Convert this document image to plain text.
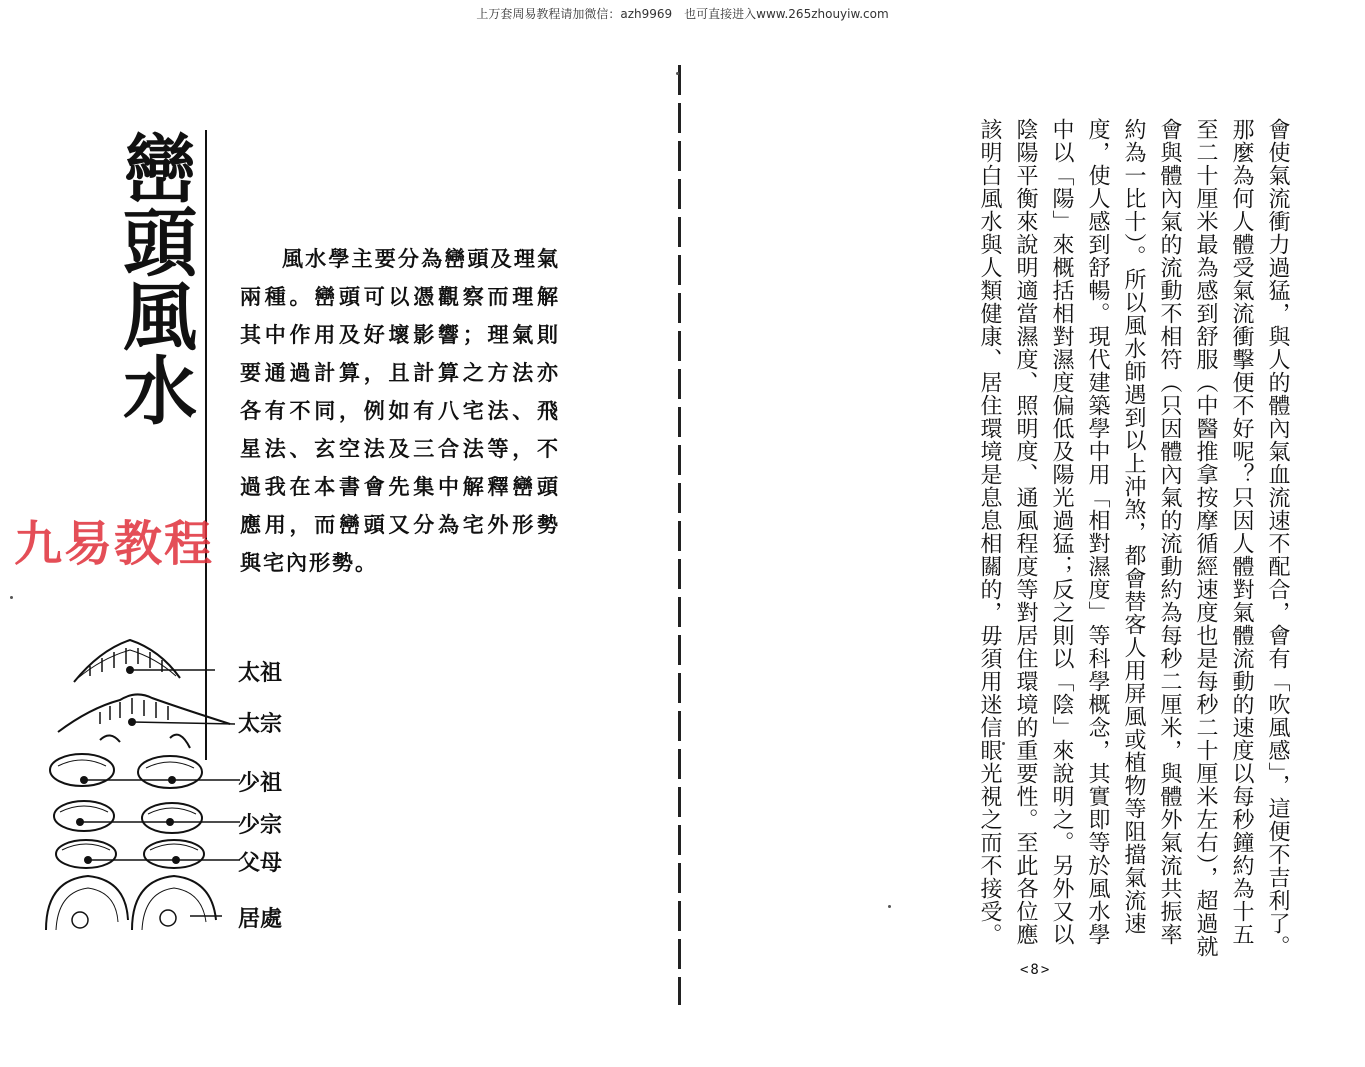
上万套周易教程请加微信：azh9969　也可直接进入www.265zhouyiw.com
巒頭風水	風水學主要分為巒頭及理氣兩種。巒頭可以憑觀察而理解其中作用及好壞影響；理氣則要通過計算，且計算之方法亦各有不同，例如有八宅法、飛星法、玄空法及三合法等，不過我在本書會先集中解釋巒頭應用，而巒頭又分為宅外形勢與宅內形勢。
九易教程
太祖
太宗
少祖
少宗
父母
居處	會使氣流衝力過猛，與人的體內氣血流速不配合，會有「吹風感」，這便不吉利了。那麼為何人體受氣流衝擊便不好呢？只因人體對氣體流動的速度以每秒鐘約為十五至二十厘米最為感到舒服（中醫推拿按摩循經速度也是每秒二十厘米左右），超過就會與體內氣的流動不相符（只因體內氣的流動約為每秒二厘米，與體外氣流共振率約為一比十）。所以風水師遇到以上沖煞，都會替客人用屏風或植物等阻擋氣流速度，使人感到舒暢。現代建築學中用「相對濕度」等科學概念，其實即等於風水學中以「陽」來概括相對濕度偏低及陽光過猛；反之則以「陰」來說明之。另外又以陰陽平衡來說明適當濕度、照明度、通風程度等對居住環境的重要性。至此各位應該明白風水與人類健康、居住環境是息息相關的，毋須用迷信眼光視之而不接受。
<8>
